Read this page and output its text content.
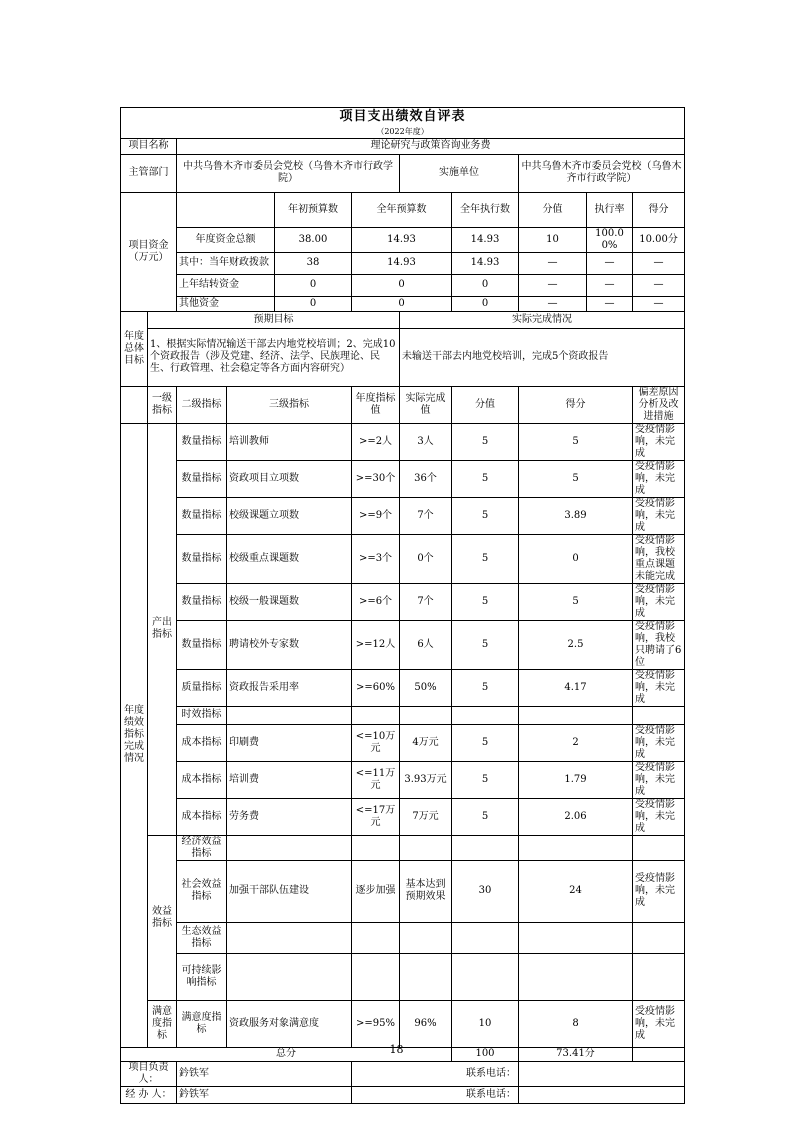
项目支出绩效自评表										
（2022年度）										
项目名称		理论研究与政策咨询业务费								
主管部门		中共乌鲁木齐市委员会党校（乌鲁木齐市行政学院）				实施单位		中共乌鲁木齐市委员会党校（乌鲁木齐市行政学院）		
项目资金（万元）				年初预算数	全年预算数		全年执行数	分值	执行率	得分
		年度资金总额		38.00	14.93		14.93	10	100.00%	10.00分
		其中：当年财政拨款		38	14.93		14.93	—	—	—
		上年结转资金		0	0		0	—	—	—
		其他资金		0	0		0	—	—	—
年度总体目标	预期目标					实际完成情况				
	1、根据实际情况输送干部去内地党校培训；2、完成10个资政报告（涉及党建、经济、法学、民族理论、民生、行政管理、社会稳定等各方面内容研究）					未输送干部去内地党校培训，完成5个资政报告				
	一级指标	二级指标	三级指标		年度指标值	实际完成值	分值	得分		偏差原因分析及改进措施
年度绩效指标完成情况	产出指标	数量指标	培训教师		>=2人	3人	5	5		受疫情影响，未完成
		数量指标	资政项目立项数		>=30个	36个	5	5		受疫情影响，未完成
		数量指标	校级课题立项数		>=9个	7个	5	3.89		受疫情影响，未完成
		数量指标	校级重点课题数		>=3个	0个	5	0		受疫情影响，我校重点课题未能完成
		数量指标	校级一般课题数		>=6个	7个	5	5		受疫情影响，未完成
		数量指标	聘请校外专家数		>=12人	6人	5	2.5		受疫情影响，我校只聘请了6位
		质量指标	资政报告采用率		>=60%	50%	5	4.17		受疫情影响，未完成
		时效指标								
		成本指标	印刷费		<=10万元	4万元	5	2		受疫情影响，未完成
		成本指标	培训费		<=11万元	3.93万元	5	1.79		受疫情影响，未完成
		成本指标	劳务费		<=17万元	7万元	5	2.06		受疫情影响，未完成
	效益指标	经济效益指标								
		社会效益指标	加强干部队伍建设		逐步加强	基本达到预期效果	30	24		受疫情影响，未完成
		生态效益指标								
		可持续影响指标								
	满意度指标	满意度指标	资政服务对象满意度		>=95%	96%	10	8		受疫情影响，未完成
总分							100	73.41分		
项目负责人：		鈐铁军			联系电话：					
经 办 人：		鈐铁军			联系电话：					
18
